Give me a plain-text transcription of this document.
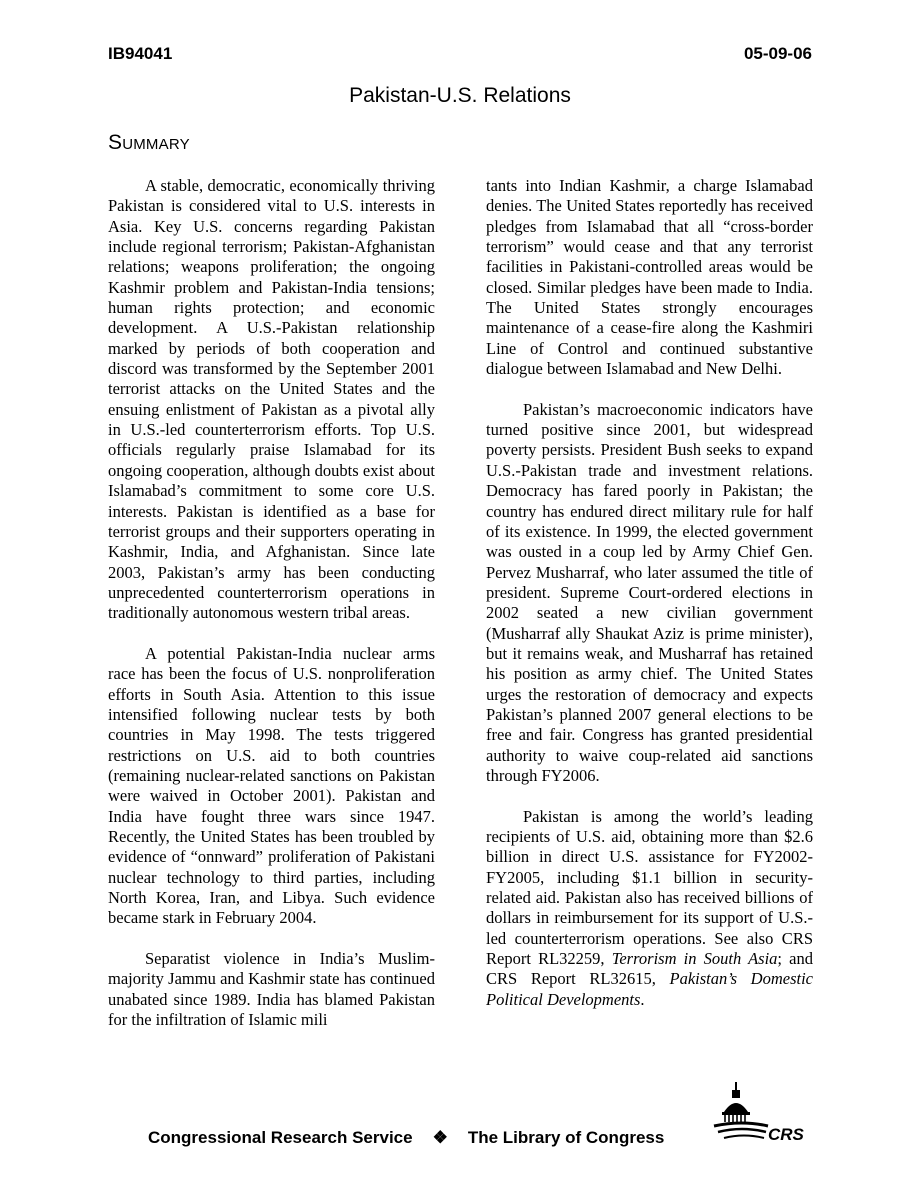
IB94041	05-09-06
Pakistan-U.S. Relations
Summary

A stable, democratic, economically thriving Pakistan is considered vital to U.S. interests in Asia. Key U.S. concerns regarding Pakistan include regional terrorism; Pakistan-Afghanistan relations; weapons proliferation; the ongoing Kashmir problem and Pakistan-India tensions; human rights protection; and economic development. A U.S.-Pakistan relationship marked by periods of both cooperation and discord was transformed by the September 2001 terrorist attacks on the United States and the ensuing enlistment of Pakistan as a pivotal ally in U.S.-led counterterrorism efforts. Top U.S. officials regularly praise Islamabad for its ongoing cooperation, although doubts exist about Islamabad’s commitment to some core U.S. interests. Pakistan is identified as a base for terrorist groups and their supporters operating in Kashmir, India, and Afghanistan. Since late 2003, Pakistan’s army has been conducting unprecedented counterterrorism operations in traditionally autonomous western tribal areas.

A potential Pakistan-India nuclear arms race has been the focus of U.S. nonproliferation efforts in South Asia. Attention to this issue intensified following nuclear tests by both countries in May 1998. The tests triggered restrictions on U.S. aid to both countries (remaining nuclear-related sanctions on Pakistan were waived in October 2001). Pakistan and India have fought three wars since 1947. Recently, the United States has been troubled by evidence of “onnward” proliferation of Pakistani nuclear technology to third parties, including North Korea, Iran, and Libya. Such evidence became stark in February 2004.

Separatist violence in India’s Muslim-majority Jammu and Kashmir state has continued unabated since 1989. India has blamed Pakistan for the infiltration of Islamic mili

tants into Indian Kashmir, a charge Islamabad denies. The United States reportedly has received pledges from Islamabad that all “cross-border terrorism” would cease and that any terrorist facilities in Pakistani-controlled areas would be closed. Similar pledges have been made to India. The United States strongly encourages maintenance of a cease-fire along the Kashmiri Line of Control and continued substantive dialogue between Islamabad and New Delhi.

Pakistan’s macroeconomic indicators have turned positive since 2001, but widespread poverty persists. President Bush seeks to expand U.S.-Pakistan trade and investment relations. Democracy has fared poorly in Pakistan; the country has endured direct military rule for half of its existence. In 1999, the elected government was ousted in a coup led by Army Chief Gen. Pervez Musharraf, who later assumed the title of president. Supreme Court-ordered elections in 2002 seated a new civilian government (Musharraf ally Shaukat Aziz is prime minister), but it remains weak, and Musharraf has retained his position as army chief. The United States urges the restoration of democracy and expects Pakistan’s planned 2007 general elections to be free and fair. Congress has granted presidential authority to waive coup-related aid sanctions through FY2006.

Pakistan is among the world’s leading recipients of U.S. aid, obtaining more than $2.6 billion in direct U.S. assistance for FY2002-FY2005, including $1.1 billion in security-related aid. Pakistan also has received billions of dollars in reimbursement for its support of U.S.-led counterterrorism operations. See also CRS Report RL32259, Terrorism in South Asia; and CRS Report RL32615, Pakistan’s Domestic Political Developments.

Congressional Research Service ❖ The Library of Congress	CRS
